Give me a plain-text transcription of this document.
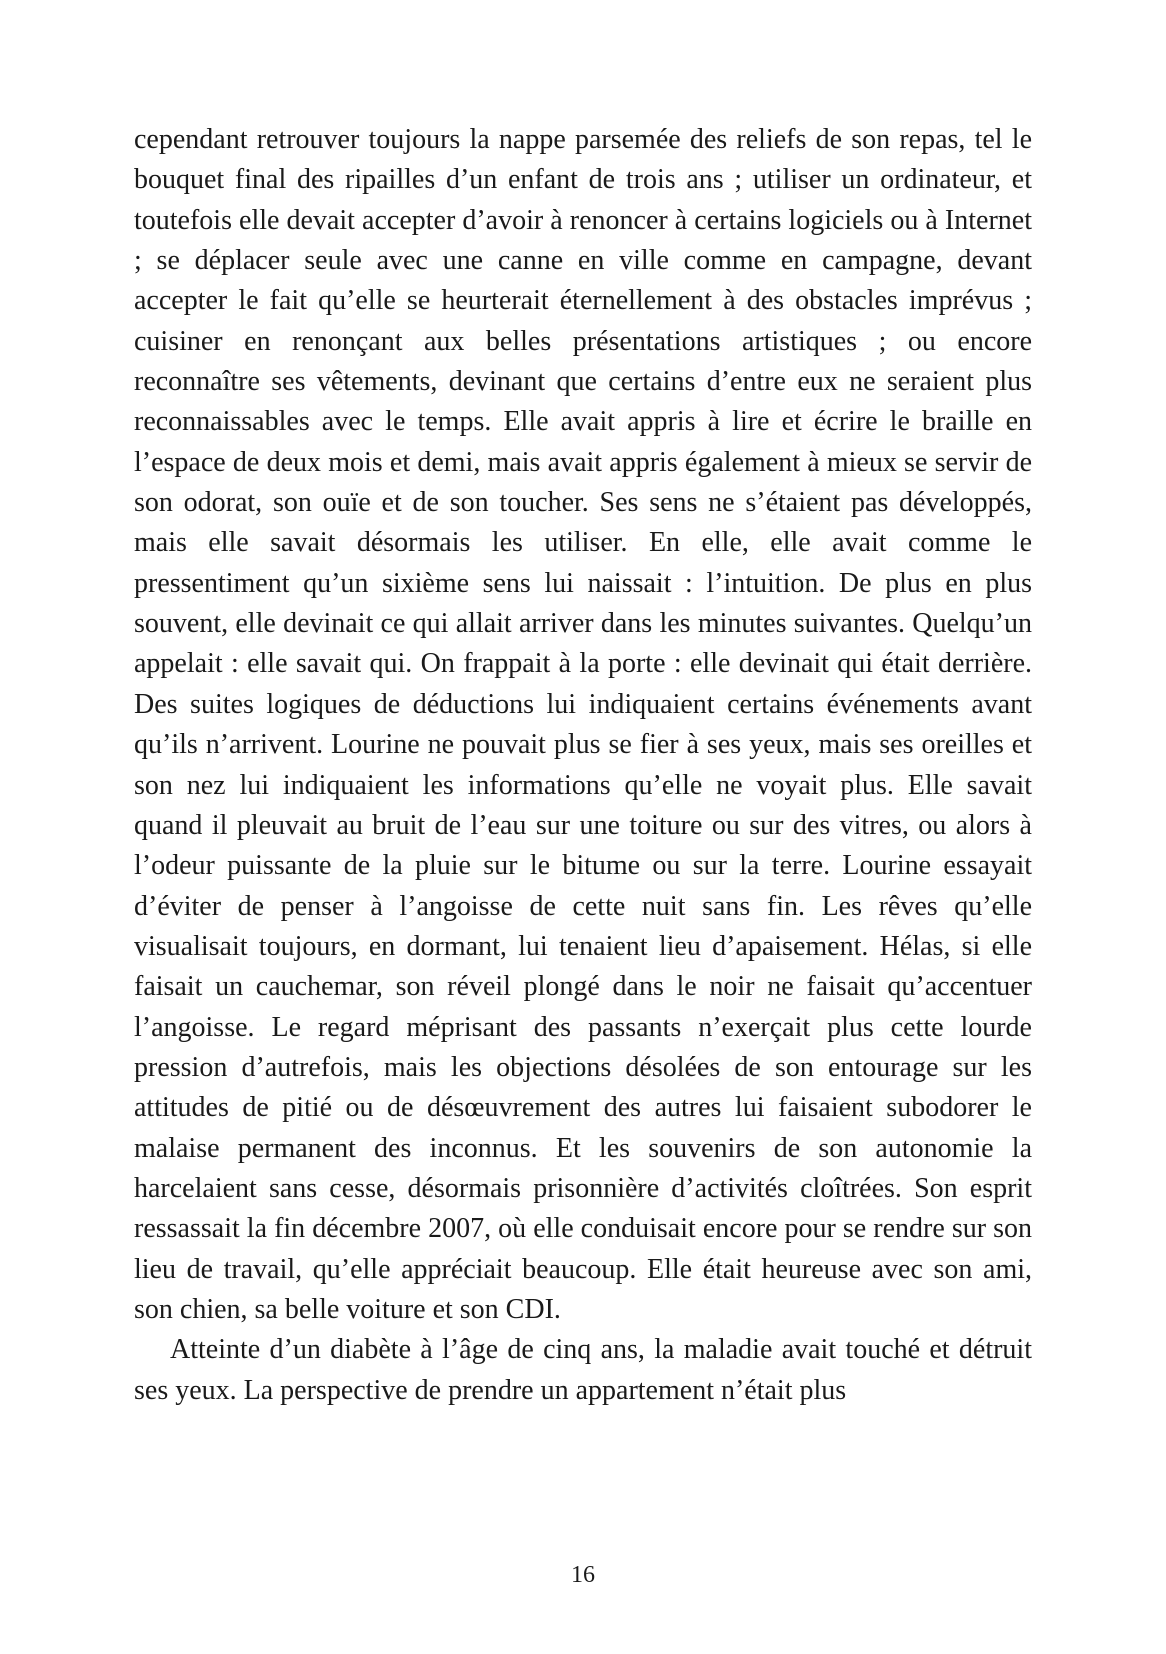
cependant retrouver toujours la nappe parsemée des reliefs de son repas, tel le bouquet final des ripailles d’un enfant de trois ans ; utiliser un ordinateur, et toutefois elle devait accepter d’avoir à renoncer à certains logiciels ou à Internet ; se déplacer seule avec une canne en ville comme en campagne, devant accepter le fait qu’elle se heurterait éternellement à des obstacles imprévus ; cuisiner en renonçant aux belles présentations artistiques ; ou encore reconnaître ses vêtements, devinant que certains d’entre eux ne seraient plus reconnaissables avec le temps. Elle avait appris à lire et écrire le braille en l’espace de deux mois et demi, mais avait appris également à mieux se servir de son odorat, son ouïe et de son toucher. Ses sens ne s’étaient pas développés, mais elle savait désormais les utiliser. En elle, elle avait comme le pressentiment qu’un sixième sens lui naissait : l’intuition. De plus en plus souvent, elle devinait ce qui allait arriver dans les minutes suivantes. Quelqu’un appelait : elle savait qui. On frappait à la porte : elle devinait qui était derrière. Des suites logiques de déductions lui indiquaient certains événements avant qu’ils n’arrivent. Lourine ne pouvait plus se fier à ses yeux, mais ses oreilles et son nez lui indiquaient les informations qu’elle ne voyait plus. Elle savait quand il pleuvait au bruit de l’eau sur une toiture ou sur des vitres, ou alors à l’odeur puissante de la pluie sur le bitume ou sur la terre. Lourine essayait d’éviter de penser à l’angoisse de cette nuit sans fin. Les rêves qu’elle visualisait toujours, en dormant, lui tenaient lieu d’apaisement. Hélas, si elle faisait un cauchemar, son réveil plongé dans le noir ne faisait qu’accentuer l’angoisse. Le regard méprisant des passants n’exerçait plus cette lourde pression d’autrefois, mais les objections désolées de son entourage sur les attitudes de pitié ou de désœuvrement des autres lui faisaient subodorer le malaise permanent des inconnus. Et les souvenirs de son autonomie la harcelaient sans cesse, désormais prisonnière d’activités cloîtrées. Son esprit ressassait la fin décembre 2007, où elle conduisait encore pour se rendre sur son lieu de travail, qu’elle appréciait beaucoup. Elle était heureuse avec son ami, son chien, sa belle voiture et son CDI.

Atteinte d’un diabète à l’âge de cinq ans, la maladie avait touché et détruit ses yeux. La perspective de prendre un appartement n’était plus

16
